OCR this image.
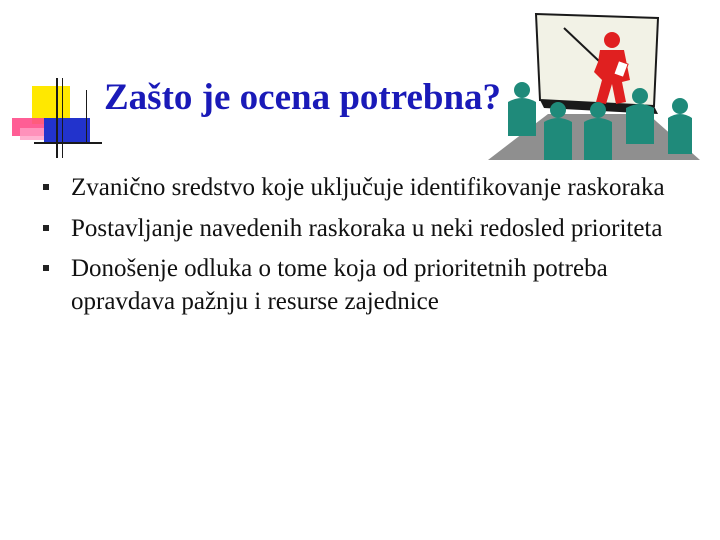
Zašto je ocena potrebna?
Zvanično sredstvo koje uključuje identifikovanje raskoraka
Postavljanje navedenih raskoraka u neki redosled prioriteta
Donošenje odluka o tome koja od prioritetnih potreba opravdava pažnju i resurse zajednice
